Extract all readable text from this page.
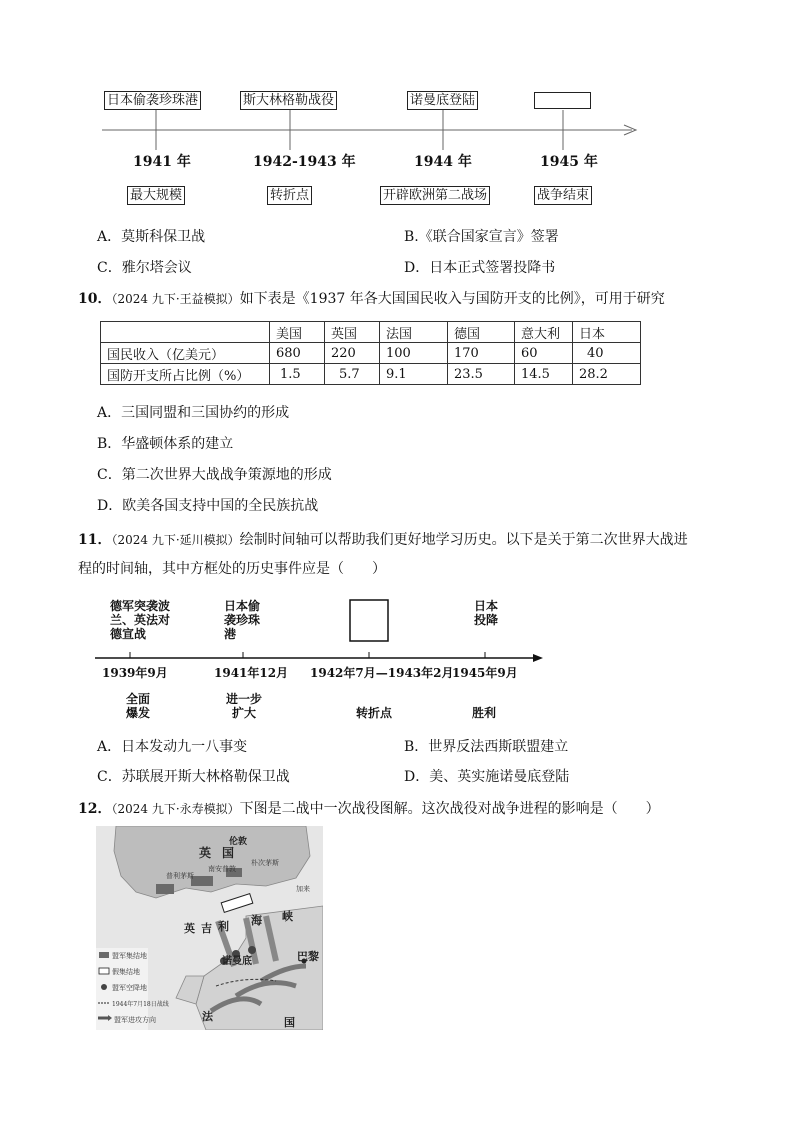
日本偷袭珍珠港	斯大林格勒战役	诺曼底登陆
1941 年	1942-1943 年	1944 年	1945 年
最大规模	转折点	开辟欧洲第二战场	战争结束
A．莫斯科保卫战	B.《联合国家宣言》签署
C．雅尔塔会议	D．日本正式签署投降书
10．（2024 九下·王益模拟）如下表是《1937 年各大国国民收入与国防开支的比例》，可用于研究
	美国	英国	法国	德国	意大利	日本
国民收入（亿美元）	680	220	100	170	60	40
国防开支所占比例（%）	1.5	5.7	9.1	23.5	14.5	28.2
A．三国同盟和三国协约的形成
B．华盛顿体系的建立
C．第二次世界大战战争策源地的形成
D．欧美各国支持中国的全民族抗战
11．（2024 九下·延川模拟）绘制时间轴可以帮助我们更好地学习历史。以下是关于第二次世界大战进
程的时间轴，其中方框处的历史事件应是（　　）
德军突袭波
兰、英法对
德宣战
日本偷
袭珍珠
港
日本
投降
1939年9月	1941年12月 1942年7月—1943年2月
1945年9月
全面
爆发
进一步
扩大	转折点	胜利
A．日本发动九一八事变	B．世界反法西斯联盟建立
C．苏联展开斯大林格勒保卫战	D．美、英实施诺曼底登陆
12．（2024 九下·永寿模拟）下图是二战中一次战役图解。这次战役对战争进程的影响是（　　）
英 国
伦敦
朴次茅斯
南安普敦
普利茅斯
加来
英 吉 利 海 峡
诺曼底	巴黎
法	国
盟军集结地
假集结地
盟军空降地
1944年7月18日战线
盟军进攻方向
